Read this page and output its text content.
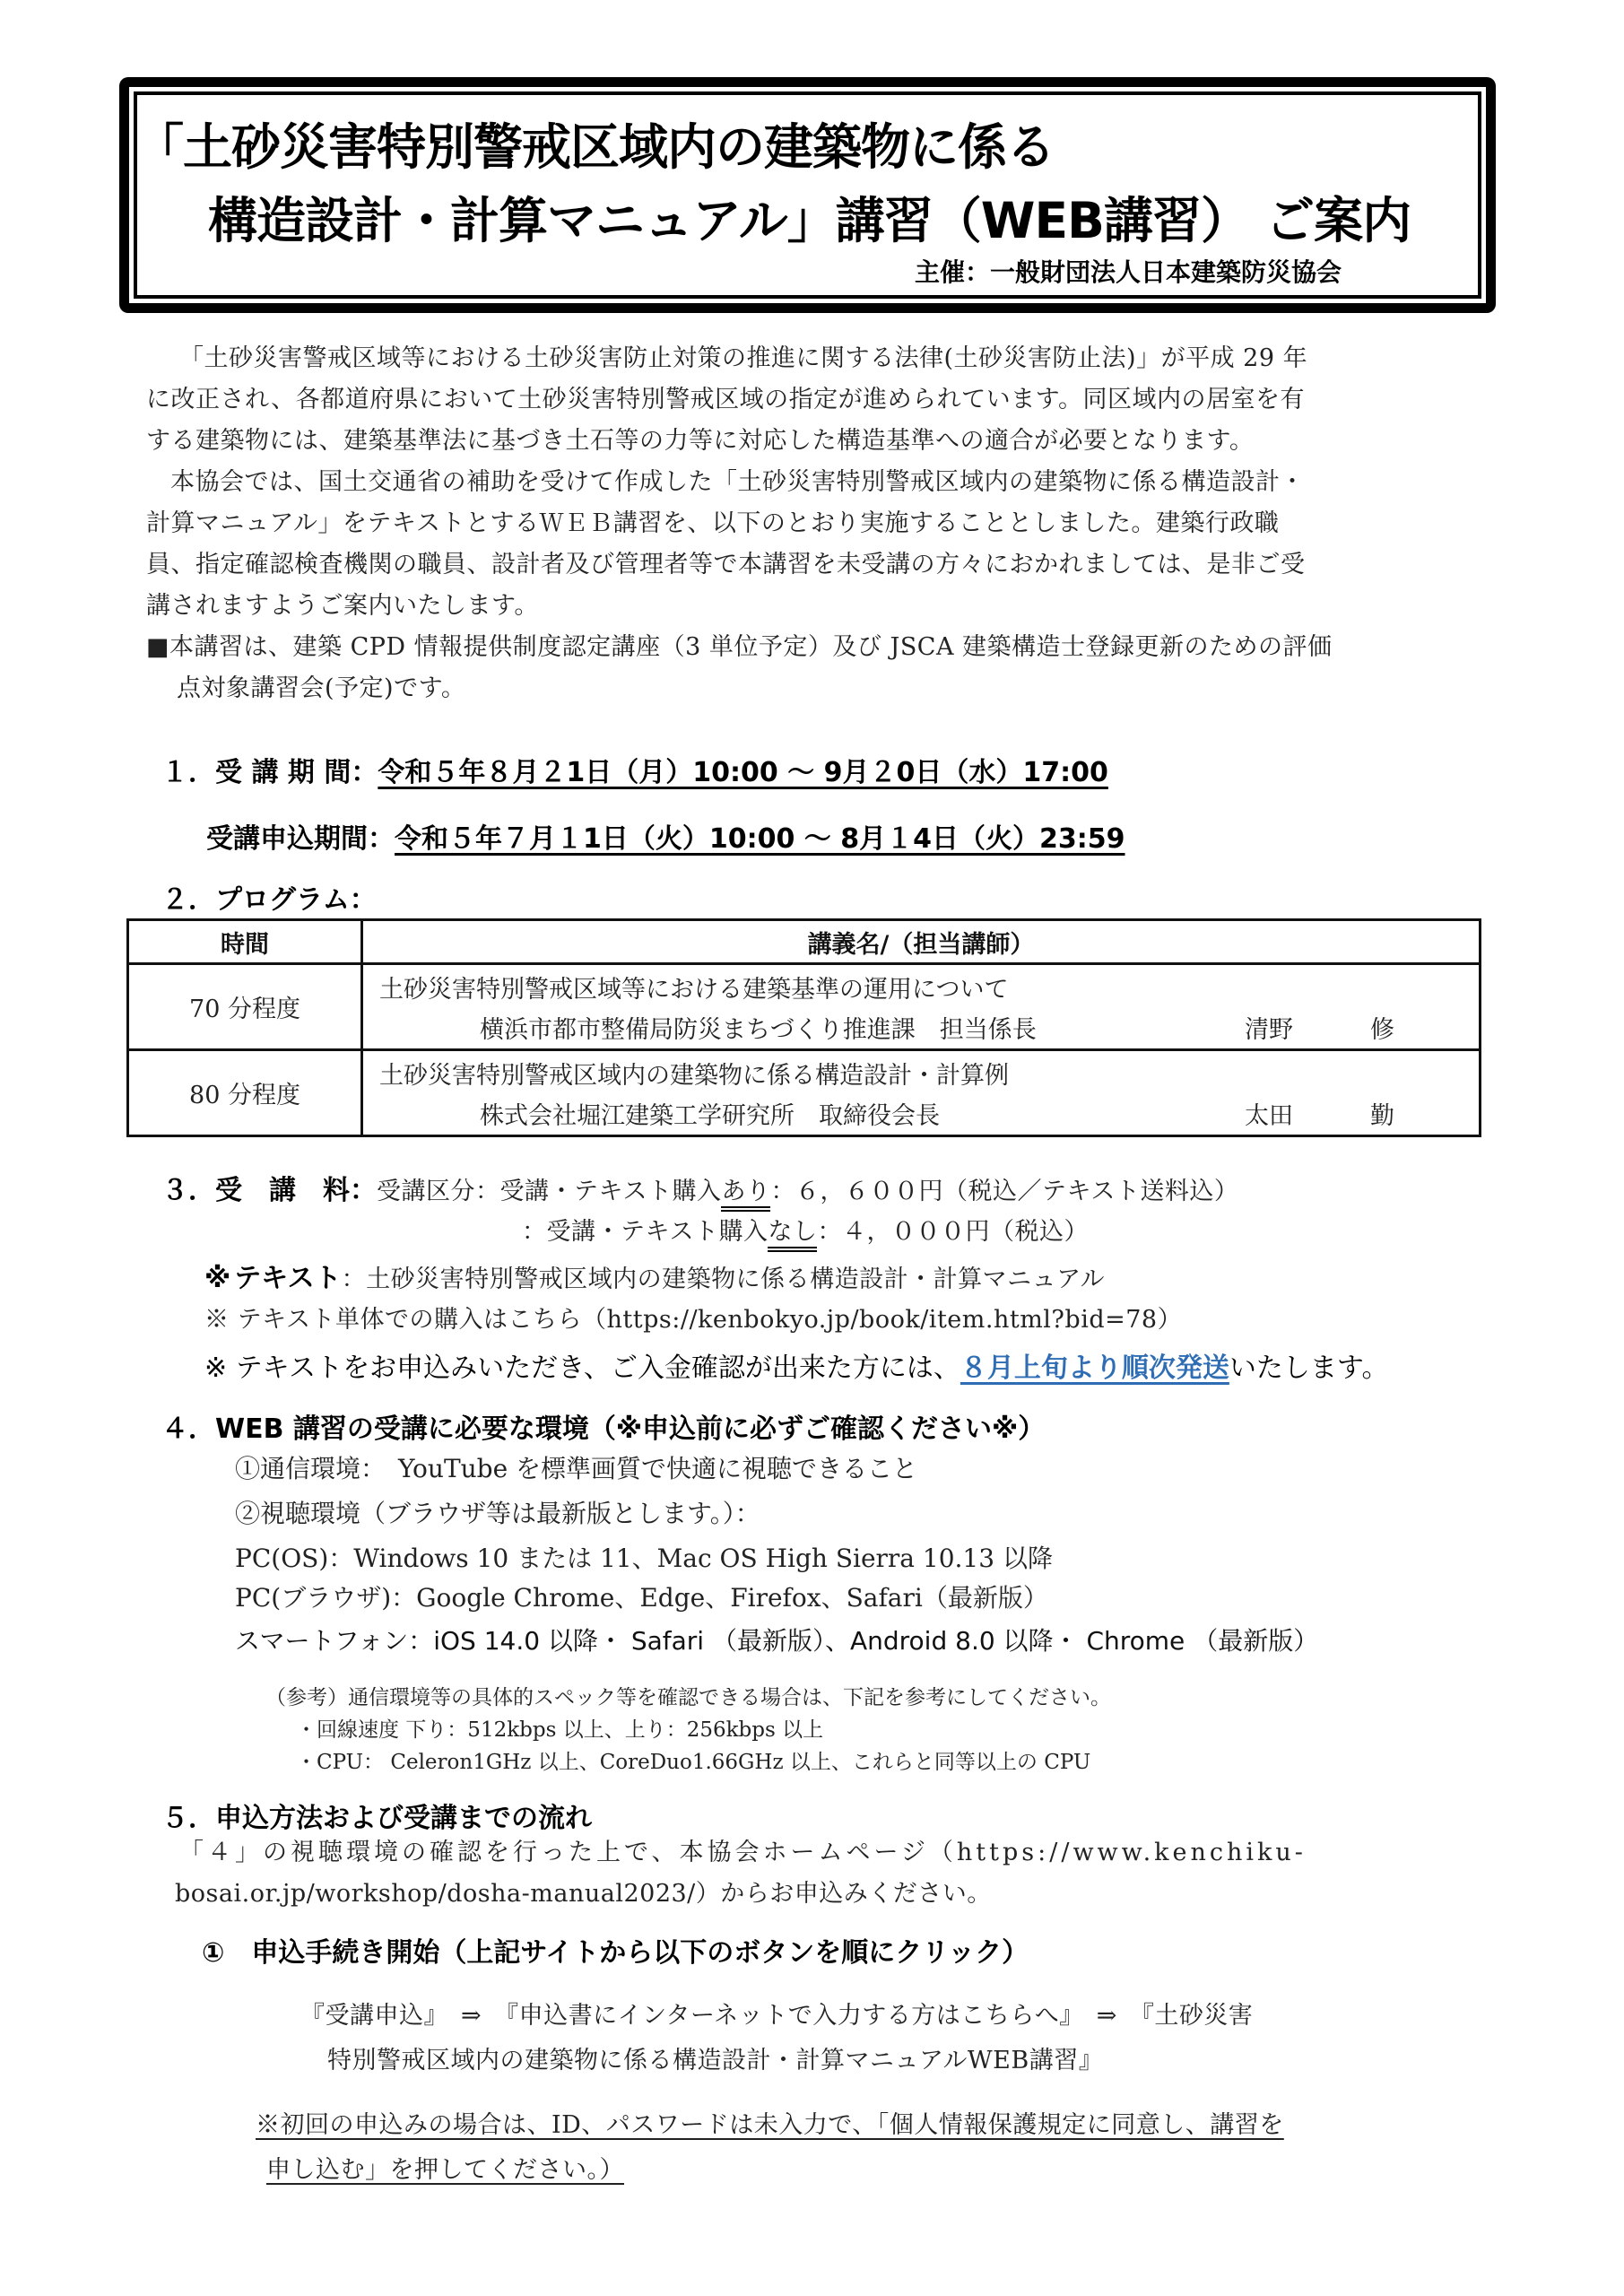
「土砂災害特別警戒区域内の建築物に係る
構造設計・計算マニュアル」講習（WEB講習） ご案内
主催：一般財団法人日本建築防災協会
「土砂災害警戒区域等における土砂災害防止対策の推進に関する法律(土砂災害防止法)」が平成 29 年
に改正され、各都道府県において土砂災害特別警戒区域の指定が進められています。同区域内の居室を有
する建築物には、建築基準法に基づき土石等の力等に対応した構造基準への適合が必要となります。
本協会では、国土交通省の補助を受けて作成した「土砂災害特別警戒区域内の建築物に係る構造設計・
計算マニュアル」をテキストとするＷＥＢ講習を、以下のとおり実施することとしました。建築行政職
員、指定確認検査機関の職員、設計者及び管理者等で本講習を未受講の方々におかれましては、是非ご受
講されますようご案内いたします。
■本講習は、建築 CPD 情報提供制度認定講座（3 単位予定）及び JSCA 建築構造士登録更新のための評価
点対象講習会(予定)です。
１．受 講 期 間：令和５年８月２1日（月）10:00 ～ 9月２0日（水）17:00
受講申込期間：令和５年７月１1日（火）10:00 ～ 8月１4日（火）23:59
２．プログラム：
時間	講義名/（担当講師）
70 分程度	土砂災害特別警戒区域等における建築基準の運用について
横浜市都市整備局防災まちづくり推進課　担当係長 清野 修

80 分程度	土砂災害特別警戒区域内の建築物に係る構造設計・計算例
株式会社堀江建築工学研究所　取締役会長 太田 勤
３．受　講　料：受講区分：受講・テキスト購入あり：６，６００円（税込／テキスト送料込）
：受講・テキスト購入なし：４，０００円（税込）
※ テキスト：土砂災害特別警戒区域内の建築物に係る構造設計・計算マニュアル
※ テキスト単体での購入はこちら（https://kenbokyo.jp/book/item.html?bid=78）
※ テキストをお申込みいただき、ご入金確認が出来た方には、８月上旬より順次発送いたします。
４．WEB 講習の受講に必要な環境（※申込前に必ずご確認ください※）
①通信環境：　YouTube を標準画質で快適に視聴できること
②視聴環境（ブラウザ等は最新版とします。）：
PC(OS)：Windows 10 または 11、Mac OS High Sierra 10.13 以降
PC(ブラウザ)：Google Chrome、Edge、Firefox、Safari（最新版）
スマートフォン：iOS 14.0 以降・ Safari （最新版）、Android 8.0 以降・ Chrome （最新版）
（参考）通信環境等の具体的スペック等を確認できる場合は、下記を参考にしてください。
・回線速度 下り：512kbps 以上、上り：256kbps 以上
・CPU： Celeron1GHz 以上、CoreDuo1.66GHz 以上、これらと同等以上の CPU
５．申込方法および受講までの流れ
「４」の視聴環境の確認を行った上で、本協会ホームページ（https://www.kenchiku-
bosai.or.jp/workshop/dosha-manual2023/）からお申込みください。
①　申込手続き開始（上記サイトから以下のボタンを順にクリック）
『受講申込』　⇒　『申込書にインターネットで入力する方はこちらへ』　⇒　『土砂災害
特別警戒区域内の建築物に係る構造設計・計算マニュアルWEB講習』
※初回の申込みの場合は、ID、パスワードは未入力で、「個人情報保護規定に同意し、講習を
申し込む」を押してください。）
